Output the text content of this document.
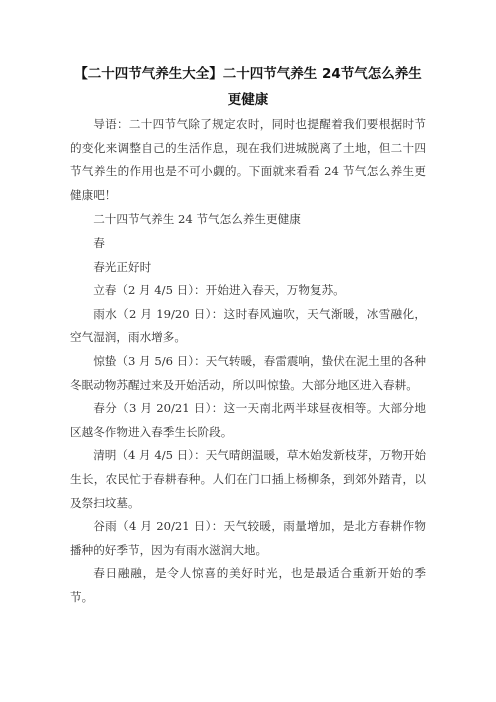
【二十四节气养生大全】二十四节气养生 24节气怎么养生
更健康

导语：二十四节气除了规定农时，同时也提醒着我们要根据时节的变化来调整自己的生活作息，现在我们进城脱离了土地，但二十四节气养生的作用也是不可小觑的。下面就来看看 24 节气怎么养生更健康吧！

二十四节气养生 24 节气怎么养生更健康

春

春光正好时

立春（2 月 4/5 日）：开始进入春天，万物复苏。

雨水（2 月 19/20 日）：这时春风遍吹，天气渐暖，冰雪融化，空气湿润，雨水增多。

惊蛰（3 月 5/6 日）：天气转暖，春雷震响，蛰伏在泥土里的各种冬眠动物苏醒过来及开始活动，所以叫惊蛰。大部分地区进入春耕。

春分（3 月 20/21 日）：这一天南北两半球昼夜相等。大部分地区越冬作物进入春季生长阶段。

清明（4 月 4/5 日）：天气晴朗温暖，草木始发新枝芽，万物开始生长，农民忙于春耕春种。人们在门口插上杨柳条，到郊外踏青，以及祭扫坟墓。

谷雨（4 月 20/21 日）：天气较暖，雨量增加，是北方春耕作物播种的好季节，因为有雨水滋润大地。

春日融融，是令人惊喜的美好时光，也是最适合重新开始的季节。
